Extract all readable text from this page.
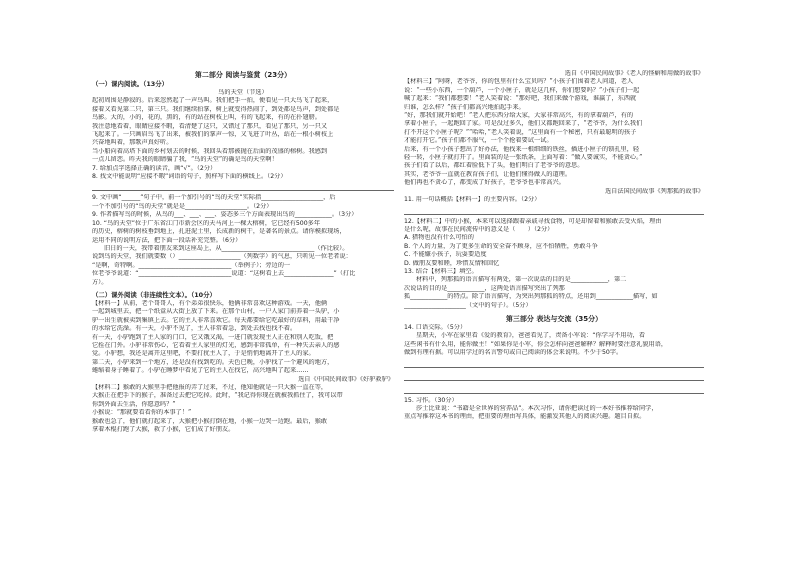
第二部分 阅读与鉴赏（23分）
（一）课内阅读。（13分）
鸟的天堂（节选）
起初周围是静寂的。后来忽然起了一声鸟叫。我们把手一拍，便看见一只大鸟飞了起来，
接着又看见第二只，第三只。我们继续拍掌，树上就变得热闹了，到处都是鸟声，到处都是
鸟影。大的，小的，花的，黑的，有的站在树枝上叫，有的飞起来，有的在扑翅膀。
我注意地看着，眼睛应接不暇，看清楚了这只，又错过了那只，看见了那只，另一只又
飞起来了。一只画眉鸟飞了出来，被我们的掌声一惊，又飞进了叶丛，站在一根小树枝上
兴奋地叫着，那歌声真好听。
当小船向着高塔下面的乡村划去的时候，我回头看那被抛在后面的茂盛的榕树。我感到
一点儿留恋。昨天我的眼睛骗了我，“鸟的天堂”的确是鸟的天堂啊！
7. 给加点字选择正确的读音，画“√”。（2分）
8. 找文中能说明“应接不暇”词语的句子，照样写下面的横线上。（2分）
9. 文中画“______”句子中，前一个加引号的“鸟的天堂”实际指____________________，后
一个不加引号的“鸟的天堂”就是是____________________。（2分）
9. 作者描写鸟的时候，从鸟的___、___、___、姿态多三个方面表现出鸟的____________。（3分）
10. “鸟的天堂”位于广东省江门市新会区的天马河上一棵大榕树，它已经有500多年
的历史，榕树的树枝垂到地上，扎进泥土里，长成新的树干，是著名的景点。请你模拟现场，
运用不同的说明方法，把下面一段话补充完整。（6分）
旧日的一天，我带着朋友来到这座岛上，从______________________________（作比较）。
说到鸟的天堂，我们就要数（）____________________（列数字）的气息，只听见一位老者说：
“是啊，奇特啊。______________________________（举例子）；旁边的一
位老爷爷说道：“______________________________说道：“这树看上去________________”（打比
方）。
（二）课外阅读（非连续性文本）。（10分）
【材料一】从前，老个哥哥人，有个弟弟很快乐，他俩非常喜欢这种游戏。一天，他俩
一起到城里去，把一个纸盒从大街上放了下来。在那个山村，一户人家门前养着一头驴，小
驴一出生就被卖到集镇上去。它的主人非常喜欢它。每天都要给它吃最好的草料，用最干净
的水给它洗澡。有一天，小驴不见了，主人非常着急，到处去找也找不着。
有一天，小驴跑到了主人家的门口，它又饿又渴，一进门就发现主人正在和别人吃饭，把
它拴在门外。小驴非常伤心，它看着主人家里的灯光，感到非常孤单，有一种失去亲人的感
觉。小驴想，我还是离开这里吧，不要打扰主人了，于是悄悄地离开了主人的家。
第二天，小驴来到一个地方，还是没有找到吃的。天色已晚，小驴找了一个避风的地方，
蜷缩着身子睡着了。小驴在睡梦中看见了它的主人在找它，高兴地叫了起来……
选自《中国民间故事》《好驴救驴》
【材料二】猴敢的大猴里手把他报的弄了过来，不过，他知他就是一只大猴一直在等，
大猴正在把手下的猴子，准备过去把它吃掉。此时，“我记得你现在就被我抓住了，我可以带
你到外面去生活，你愿意吗？”
小猴说：“那就要看看你的本事了！”
猴敢也急了，他们就打起来了，大猴把小猴打倒在地，小猴一边哭一边跑。最后，猴敢
拿着木棍打跑了大猴，救了小猴，它们成了好朋友。
选自《中国民间故事》《老人的怪癖和用做的故事》
【材料三】“阿呀，老爷爷，你的包里有什么宝贝吗？”小孩子们围着老人问道，老人
说：“一些小东西，一个葫芦，一个小匣子，就是这几样，你们想要吗？”小孩子们一起
喊了起来：“我们都想要！”老人笑着说：“那好吧，我们来做个游戏，谁赢了，东西就
归谁，怎么样？”孩子们都高兴地拍起手来。
“好，那我们就开始吧！”老人把东西分给大家，大家非常高兴，有的拿着葫芦，有的
拿着小匣子，一起跑回了家。可是没过多久，他们又都跑回来了，“老爷爷，为什么我们
打不开这个小匣子呢？”“哈哈，”老人笑着说，“这里面有一个秘密，只有最聪明的孩子
才能打开它。”孩子们都不服气，一个个抢着要试一试。
后来，有一个小孩子想出了好办法，他找来一根细细的铁丝，插进小匣子的锁孔里，轻
轻一转，小匣子就打开了。里面装的是一张纸条，上面写着：“做人要诚实，不能贪心。”
孩子们看了以后，都红着脸低下了头，他们明白了老爷爷的意思。
其实，老爷爷一直就在教育孩子们，让他们懂得做人的道理。
他们再也不贪心了，都变成了好孩子，老爷爷也非常高兴。
选自法国民间故事《列那狐的故事》
11. 用一句话概括【材料一】的主要内容。（2分）
12.【材料二】中的小猴，本来可以选择跟着亲戚寻找食物，可是却留着和猴敢去受火焰，理由
是什么呢，故事在民间流传中的意义是（　　）（2分）
A. 猎物也没有什么可怕的
B. 个人的力量，为了更多生命的安全奋不顾身，应不怕牺牲，勇敢斗争
C. 不能嫌小孩子，玩耍要适度
D. 做朋友要和睦，珍惜友情和回忆
13. 结合【材料三】填空。
材料中，列那狐的语言描写有两处，第一次说话的目的是____________，第二
次说话的目的是____________，这两处语言描写突出了列那
狐____________的特点。除了语言描写，为突出列那狐的特点，还用到____________描写，如
____________________（文中的句子）。（5分）
第三部分 表达与交流（35分）
14. 口语交际。（5分）
星期天，小军在家里看《爱的教育》，爸爸看见了，责备小军说：“你学习不用功，看
这些闲书有什么用，能你做主！”如果你是小军，你会怎样向爸爸解释？解释时要注意礼貌用语，
做到有理有据。可以用学过的名言警句或自己阅读的体会来说明。不少于50字。
15. 习作。（30分）
莎士比亚说：“书籍是全世界的营养品”。本次习作，请你把读过的一本好书推荐给同学，
重点写推荐这本书的理由，把重要的理由写具体，能激发其他人的阅读兴趣。题目自拟。
